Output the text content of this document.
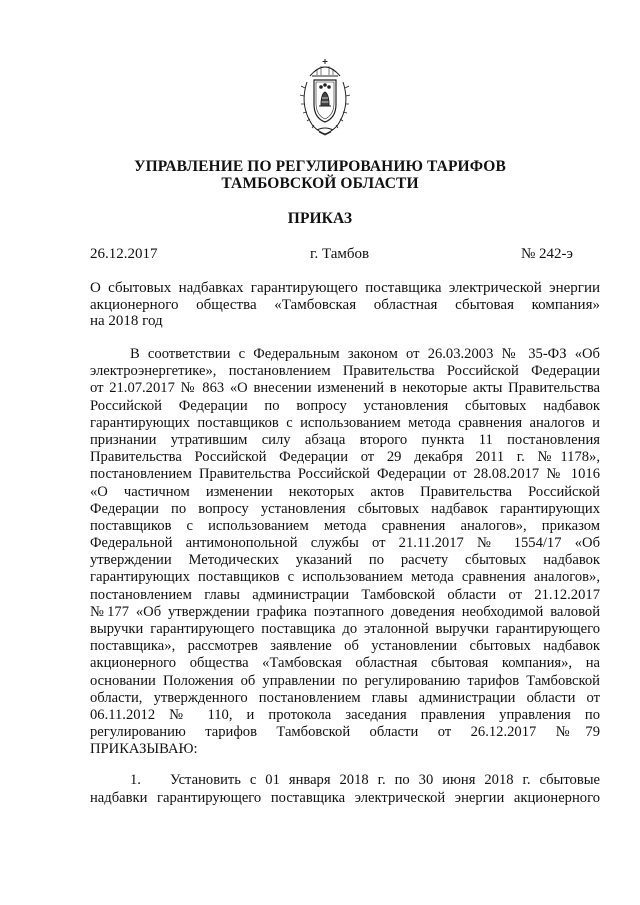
УПРАВЛЕНИЕ ПО РЕГУЛИРОВАНИЮ ТАРИФОВ
ТАМБОВСКОЙ ОБЛАСТИ
ПРИКАЗ
26.12.2017	г. Тамбов	№ 242-э
О сбытовых надбавках гарантирующего поставщика электрической энергии
акционерного общества «Тамбовская областная сбытовая компания»
на 2018 год
В соответствии с Федеральным законом от 26.03.2003 № 35-ФЗ «Об
электроэнергетике», постановлением Правительства Российской Федерации
от 21.07.2017 № 863 «О внесении изменений в некоторые акты Правительства
Российской Федерации по вопросу установления сбытовых надбавок
гарантирующих поставщиков с использованием метода сравнения аналогов и
признании утратившим силу абзаца второго пункта 11 постановления
Правительства Российской Федерации от 29 декабря 2011 г. №1178»,
постановлением Правительства Российской Федерации от 28.08.2017 № 1016
«О частичном изменении некоторых актов Правительства Российской
Федерации по вопросу установления сбытовых надбавок гарантирующих
поставщиков с использованием метода сравнения аналогов», приказом
Федеральной антимонопольной службы от 21.11.2017 № 1554/17 «Об
утверждении Методических указаний по расчету сбытовых надбавок
гарантирующих поставщиков с использованием метода сравнения аналогов»,
постановлением главы администрации Тамбовской области от 21.12.2017
№177 «Об утверждении графика поэтапного доведения необходимой валовой
выручки гарантирующего поставщика до эталонной выручки гарантирующего
поставщика», рассмотрев заявление об установлении сбытовых надбавок
акционерного общества «Тамбовская областная сбытовая компания», на
основании Положения об управлении по регулированию тарифов Тамбовской
области, утвержденного постановлением главы администрации области от
06.11.2012 № 110, и протокола заседания правления управления по
регулированию тарифов Тамбовской области от 26.12.2017 №79
ПРИКАЗЫВАЮ:
1. Установить с 01 января 2018 г. по 30 июня 2018 г. сбытовые
надбавки гарантирующего поставщика электрической энергии акционерного
